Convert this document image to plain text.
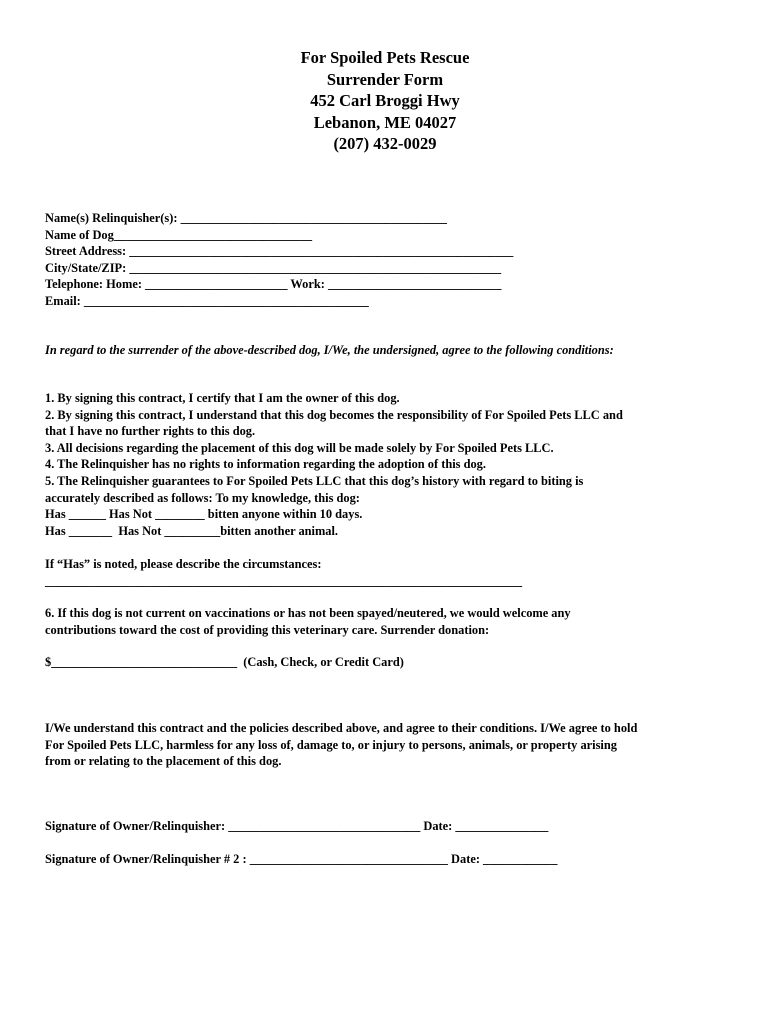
For Spoiled Pets Rescue
Surrender Form
452 Carl Broggi Hwy
Lebanon, ME 04027
(207) 432-0029
Name(s) Relinquisher(s): ___________________________________________
Name of Dog________________________________
Street Address: ______________________________________________________________
City/State/ZIP: ____________________________________________________________
Telephone: Home: _______________________ Work: ____________________________
Email: ______________________________________________
In regard to the surrender of the above-described dog, I/We, the undersigned, agree to the following conditions:
1. By signing this contract, I certify that I am the owner of this dog.
2. By signing this contract, I understand that this dog becomes the responsibility of For Spoiled Pets LLC and
that I have no further rights to this dog.
3. All decisions regarding the placement of this dog will be made solely by For Spoiled Pets LLC.
4. The Relinquisher has no rights to information regarding the adoption of this dog.
5. The Relinquisher guarantees to For Spoiled Pets LLC that this dog’s history with regard to biting is
accurately described as follows: To my knowledge, this dog:
Has ______ Has Not ________ bitten anyone within 10 days.
Has _______  Has Not _________bitten another animal.
If “Has” is noted, please describe the circumstances:
_____________________________________________________________________________
6. If this dog is not current on vaccinations or has not been spayed/neutered, we would welcome any
contributions toward the cost of providing this veterinary care. Surrender donation:
$______________________________  (Cash, Check, or Credit Card)
I/We understand this contract and the policies described above, and agree to their conditions. I/We agree to hold
For Spoiled Pets LLC, harmless for any loss of, damage to, or injury to persons, animals, or property arising
from or relating to the placement of this dog.
Signature of Owner/Relinquisher: _______________________________ Date: _______________
Signature of Owner/Relinquisher # 2 : ________________________________ Date: ____________
